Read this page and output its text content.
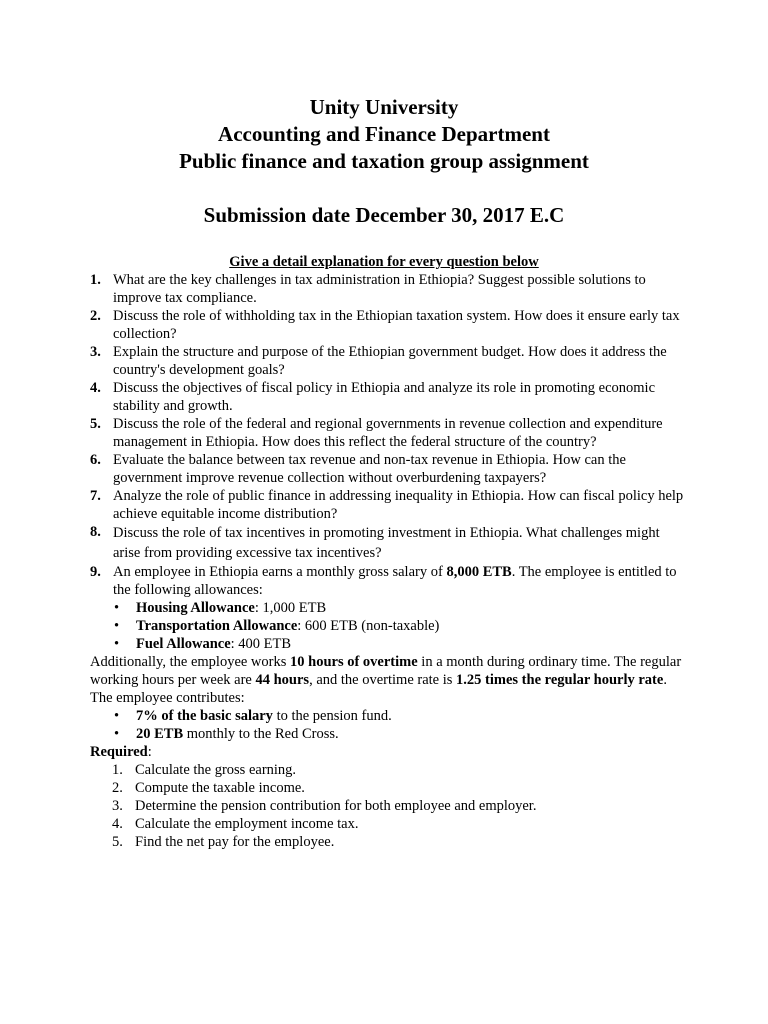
Unity University
Accounting and Finance Department
Public finance and taxation group assignment
Submission date December 30, 2017 E.C
Give a detail explanation for every question below
1. What are the key challenges in tax administration in Ethiopia? Suggest possible solutions to improve tax compliance.
2. Discuss the role of withholding tax in the Ethiopian taxation system. How does it ensure early tax collection?
3. Explain the structure and purpose of the Ethiopian government budget. How does it address the country's development goals?
4. Discuss the objectives of fiscal policy in Ethiopia and analyze its role in promoting economic stability and growth.
5. Discuss the role of the federal and regional governments in revenue collection and expenditure management in Ethiopia. How does this reflect the federal structure of the country?
6. Evaluate the balance between tax revenue and non-tax revenue in Ethiopia. How can the government improve revenue collection without overburdening taxpayers?
7. Analyze the role of public finance in addressing inequality in Ethiopia. How can fiscal policy help achieve equitable income distribution?
8. Discuss the role of tax incentives in promoting investment in Ethiopia. What challenges might arise from providing excessive tax incentives?
9. An employee in Ethiopia earns a monthly gross salary of 8,000 ETB. The employee is entitled to the following allowances:
• Housing Allowance: 1,000 ETB
• Transportation Allowance: 600 ETB (non-taxable)
• Fuel Allowance: 400 ETB
Additionally, the employee works 10 hours of overtime in a month during ordinary time. The regular working hours per week are 44 hours, and the overtime rate is 1.25 times the regular hourly rate.
The employee contributes:
• 7% of the basic salary to the pension fund.
• 20 ETB monthly to the Red Cross.
Required:
1. Calculate the gross earning.
2. Compute the taxable income.
3. Determine the pension contribution for both employee and employer.
4. Calculate the employment income tax.
5. Find the net pay for the employee.
